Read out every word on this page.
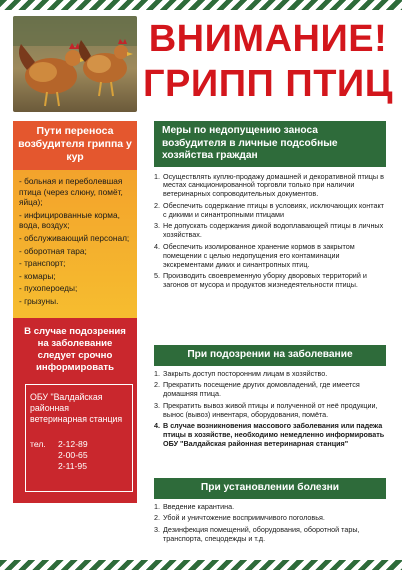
ВНИМАНИЕ!
ГРИПП ПТИЦ
Пути переноса возбудителя гриппа у кур
- больная и переболевшая птица (через слюну, помёт, яйца);
- инфицированные корма, вода, воздух;
- обслуживающий персонал;
- оборотная тара;
- транспорт;
- комары;
- пухопероеды;
- грызуны.
В случае подозрения на заболевание следует срочно информировать
ОБУ "Валдайская районная ветеринарная станция
тел.	2-12-89
2-00-65
2-11-95
Меры по недопущению заноса возбудителя в личные подсобные хозяйства граждан
1. Осуществлять куплю-продажу домашней и декоративной птицы в местах санкционированной торговли только при наличии ветеринарных сопроводительных документов.
2. Обеспечить содержание птицы в условиях, исключающих контакт с дикими и синантропными птицами
3. Не допускать содержания дикой водоплавающей птицы в личных хозяйствах.
4. Обеспечить изолированное хранение кормов в закрытом помещении с целью недопущения его контаминации экскрементами диких и синантропных птиц.
5. Производить своевременную уборку дворовых территорий и загонов от мусора и продуктов жизнедеятельности птицы.
При подозрении на заболевание
1. Закрыть доступ посторонним лицам в хозяйство.
2. Прекратить посещение других домовладений, где имеется домашняя птица.
3. Прекратить вывоз живой птицы и полученной от неё продукции, вынос (вывоз) инвентаря, оборудования, помёта.
4. В случае возникновения массового заболевания или падежа птицы в хозяйстве, необходимо немедленно информировать ОБУ "Валдайская районная ветеринарная станция"
При установлении болезни
1. Введение карантина.
2. Убой и уничтожение восприимчивого поголовья.
3. Дезинфекция помещений, оборудования, оборотной тары, транспорта, спецодежды и т.д.
